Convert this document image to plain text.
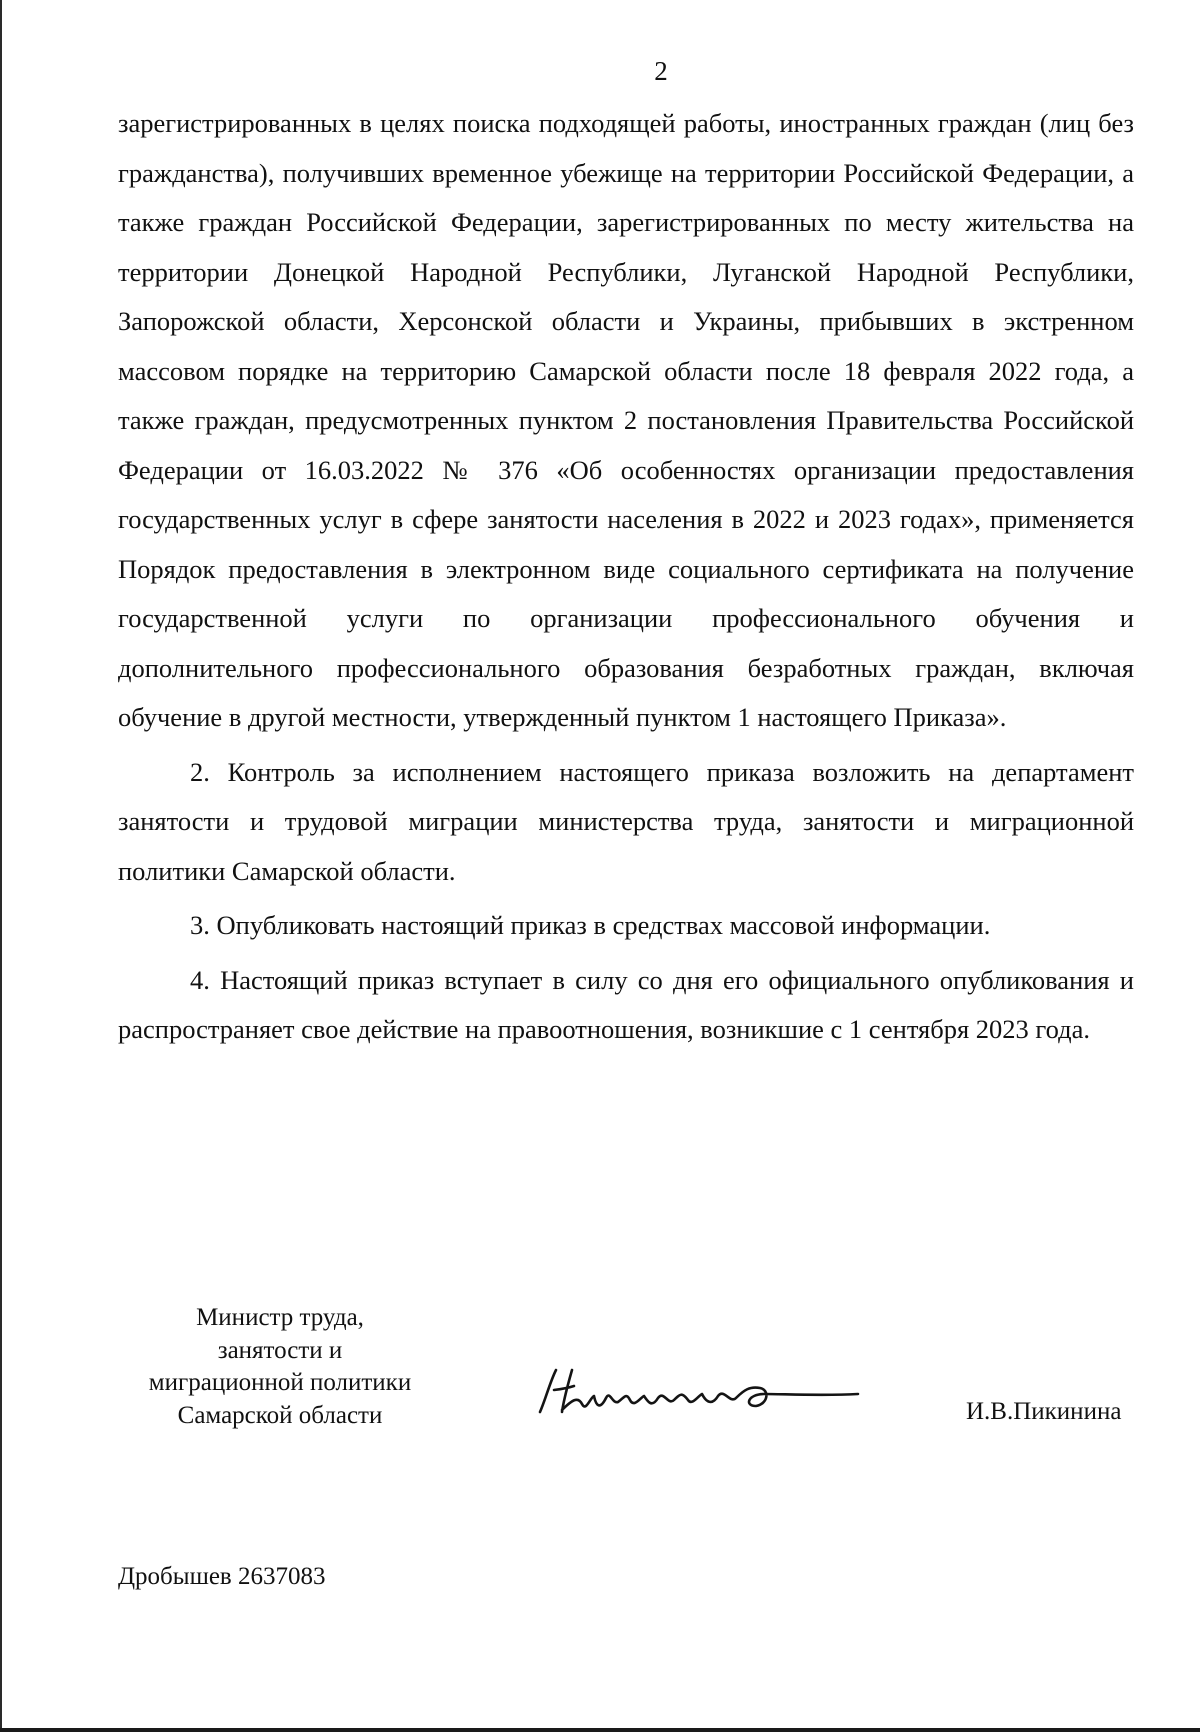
2

зарегистрированных в целях поиска подходящей работы, иностранных граждан (лиц без гражданства), получивших временное убежище на территории Российской Федерации, а также граждан Российской Федерации, зарегистрированных по месту жительства на территории Донецкой Народной Республики, Луганской Народной Республики, Запорожской области, Херсонской области и Украины, прибывших в экстренном массовом порядке на территорию Самарской области после 18 февраля 2022 года, а также граждан, предусмотренных пунктом 2 постановления Правительства Российской Федерации от 16.03.2022 № 376 «Об особенностях организации предоставления государственных услуг в сфере занятости населения в 2022 и 2023 годах», применяется Порядок предоставления в электронном виде социального сертификата на получение государственной услуги по организации профессионального обучения и дополнительного профессионального образования безработных граждан, включая обучение в другой местности, утвержденный пунктом 1 настоящего Приказа».

2. Контроль за исполнением настоящего приказа возложить на департамент занятости и трудовой миграции министерства труда, занятости и миграционной политики Самарской области.

3. Опубликовать настоящий приказ в средствах массовой информации.

4. Настоящий приказ вступает в силу со дня его официального опубликования и распространяет свое действие на правоотношения, возникшие с 1 сентября 2023 года.

Министр труда,
занятости и
миграционной политики
Самарской области	И.В.Пикинина
Дробышев 2637083
